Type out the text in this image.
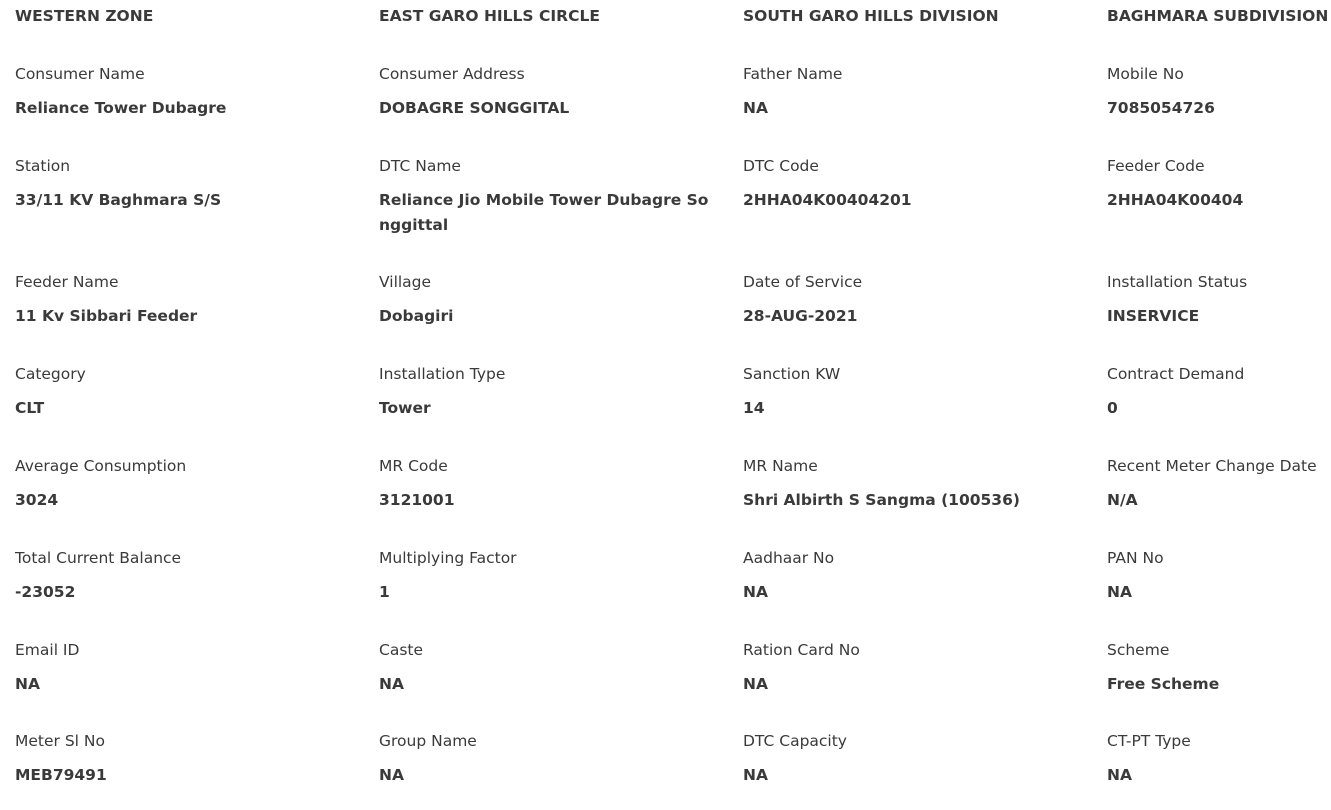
WESTERN ZONE	EAST GARO HILLS CIRCLE	SOUTH GARO HILLS DIVISION	BAGHMARA SUBDIVISION
Consumer Name
Reliance Tower Dubagre
Consumer Address
DOBAGRE SONGGITAL
Father Name
NA
Mobile No
7085054726
Station
33/11 KV Baghmara S/S
DTC Name
Reliance Jio Mobile Tower Dubagre Songgittal
DTC Code
2HHA04K00404201
Feeder Code
2HHA04K00404
Feeder Name
11 Kv Sibbari Feeder
Village
Dobagiri
Date of Service
28-AUG-2021
Installation Status
INSERVICE
Category
CLT
Installation Type
Tower
Sanction KW
14
Contract Demand
0
Average Consumption
3024
MR Code
3121001
MR Name
Shri Albirth S Sangma (100536)
Recent Meter Change Date
N/A
Total Current Balance
-23052
Multiplying Factor
1
Aadhaar No
NA
PAN No
NA
Email ID
NA
Caste
NA
Ration Card No
NA
Scheme
Free Scheme
Meter Sl No
MEB79491
Group Name
NA
DTC Capacity
NA
CT-PT Type
NA
